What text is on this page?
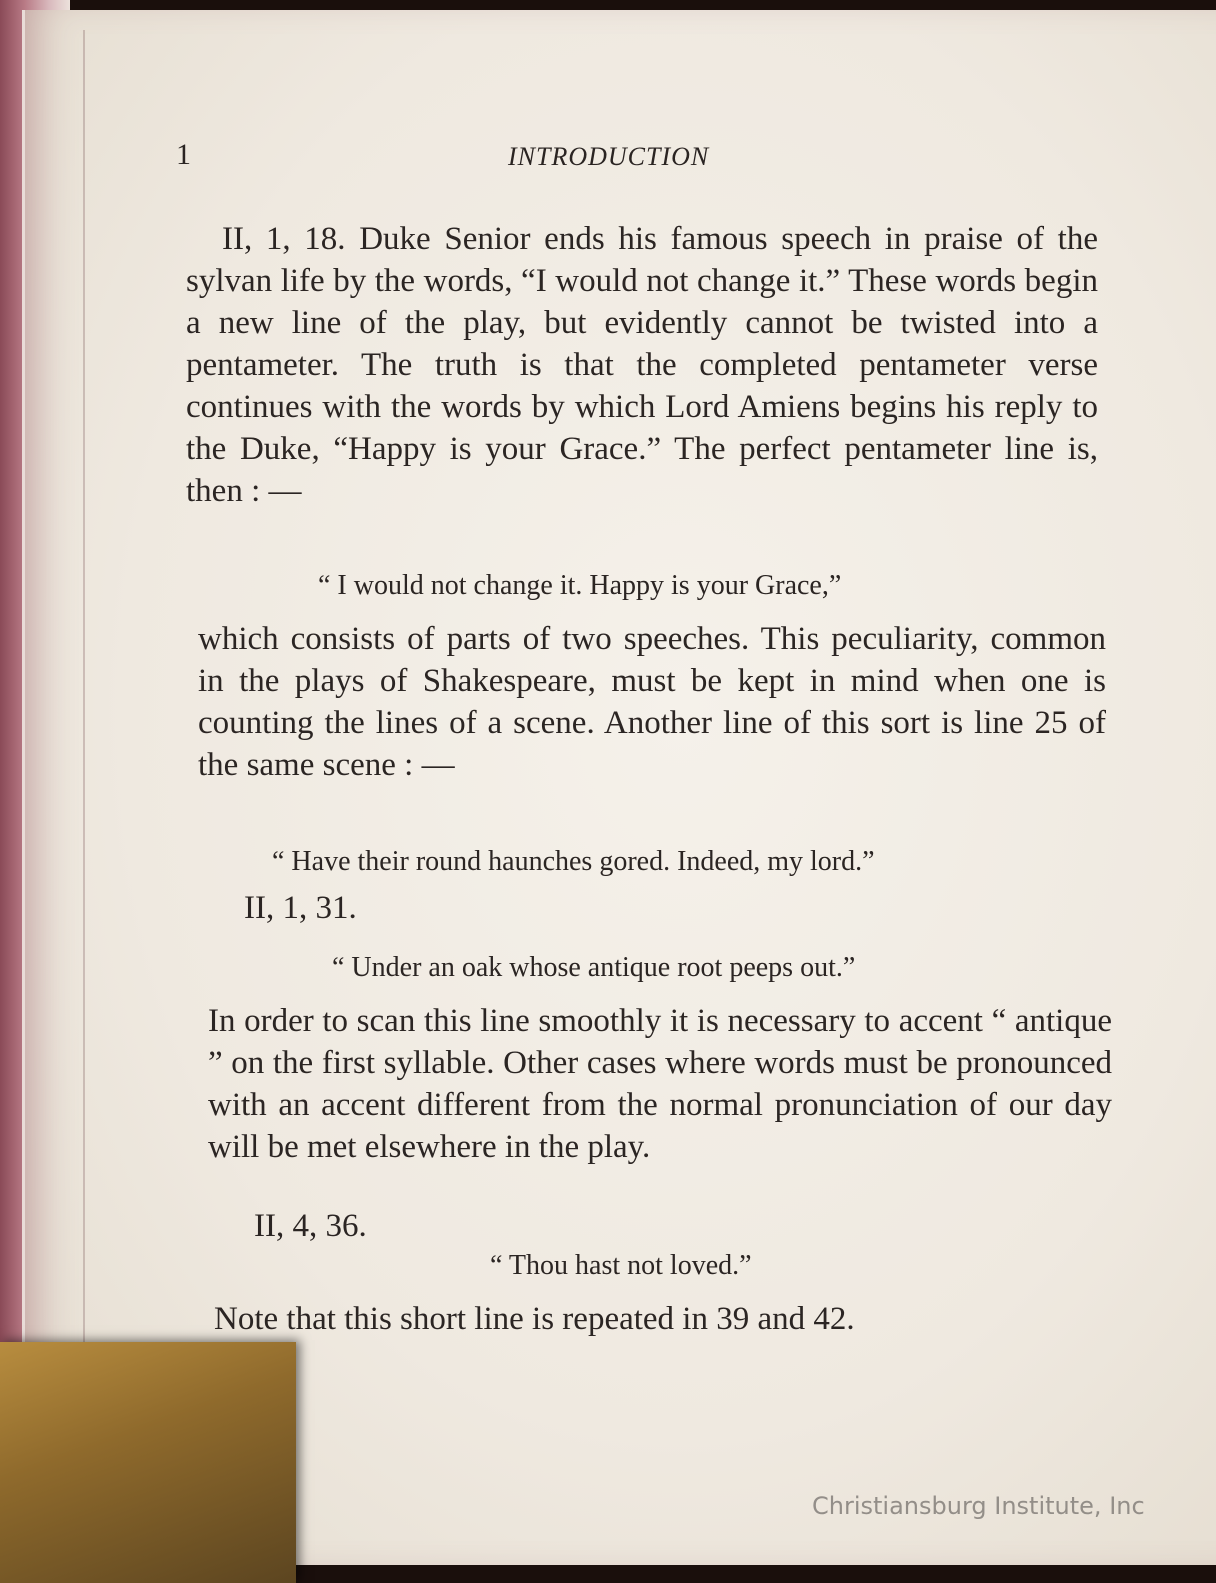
1	INTRODUCTION

II, 1, 18. Duke Senior ends his famous speech in praise of the sylvan life by the words, “I would not change it.” These words begin a new line of the play, but evidently cannot be twisted into a pentameter. The truth is that the completed pentameter verse continues with the words by which Lord Amiens begins his reply to the Duke, “Happy is your Grace.” The perfect pentameter line is, then : —

“ I would not change it. Happy is your Grace,”

which consists of parts of two speeches. This peculiarity, common in the plays of Shakespeare, must be kept in mind when one is counting the lines of a scene. Another line of this sort is line 25 of the same scene : —

“ Have their round haunches gored. Indeed, my lord.”

II, 1, 31.

“ Under an oak whose antique root peeps out.”

In order to scan this line smoothly it is necessary to accent “ antique ” on the first syllable. Other cases where words must be pronounced with an accent different from the normal pronunciation of our day will be met elsewhere in the play.

II, 4, 36.

“ Thou hast not loved.”

Note that this short line is repeated in 39 and 42.

Christiansburg Institute, Inc
